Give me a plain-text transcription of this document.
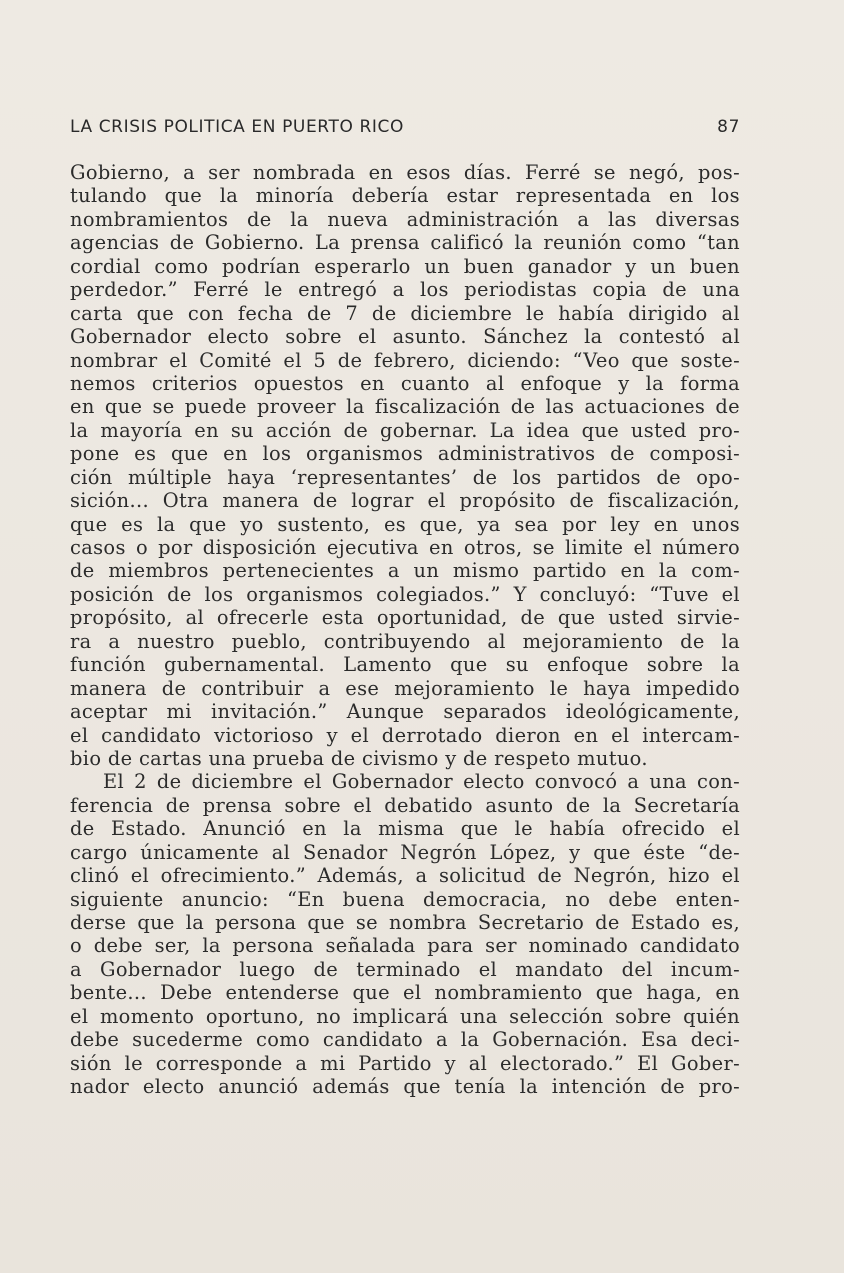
LA CRISIS POLITICA EN PUERTO RICO	87
Gobierno, a ser nombrada en esos días. Ferré se negó, pos-
tulando que la minoría debería estar representada en los
nombramientos de la nueva administración a las diversas
agencias de Gobierno. La prensa calificó la reunión como “tan
cordial como podrían esperarlo un buen ganador y un buen
perdedor.” Ferré le entregó a los periodistas copia de una
carta que con fecha de 7 de diciembre le había dirigido al
Gobernador electo sobre el asunto. Sánchez la contestó al
nombrar el Comité el 5 de febrero, diciendo: “Veo que soste-
nemos criterios opuestos en cuanto al enfoque y la forma
en que se puede proveer la fiscalización de las actuaciones de
la mayoría en su acción de gobernar. La idea que usted pro-
pone es que en los organismos administrativos de composi-
ción múltiple haya ‘representantes’ de los partidos de opo-
sición... Otra manera de lograr el propósito de fiscalización,
que es la que yo sustento, es que, ya sea por ley en unos
casos o por disposición ejecutiva en otros, se limite el número
de miembros pertenecientes a un mismo partido en la com-
posición de los organismos colegiados.” Y concluyó: “Tuve el
propósito, al ofrecerle esta oportunidad, de que usted sirvie-
ra a nuestro pueblo, contribuyendo al mejoramiento de la
función gubernamental. Lamento que su enfoque sobre la
manera de contribuir a ese mejoramiento le haya impedido
aceptar mi invitación.” Aunque separados ideológicamente,
el candidato victorioso y el derrotado dieron en el intercam-
bio de cartas una prueba de civismo y de respeto mutuo.
El 2 de diciembre el Gobernador electo convocó a una con-
ferencia de prensa sobre el debatido asunto de la Secretaría
de Estado. Anunció en la misma que le había ofrecido el
cargo únicamente al Senador Negrón López, y que éste “de-
clinó el ofrecimiento.” Además, a solicitud de Negrón, hizo el
siguiente anuncio: “En buena democracia, no debe enten-
derse que la persona que se nombra Secretario de Estado es,
o debe ser, la persona señalada para ser nominado candidato
a Gobernador luego de terminado el mandato del incum-
bente... Debe entenderse que el nombramiento que haga, en
el momento oportuno, no implicará una selección sobre quién
debe sucederme como candidato a la Gobernación. Esa deci-
sión le corresponde a mi Partido y al electorado.” El Gober-
nador electo anunció además que tenía la intención de pro-
